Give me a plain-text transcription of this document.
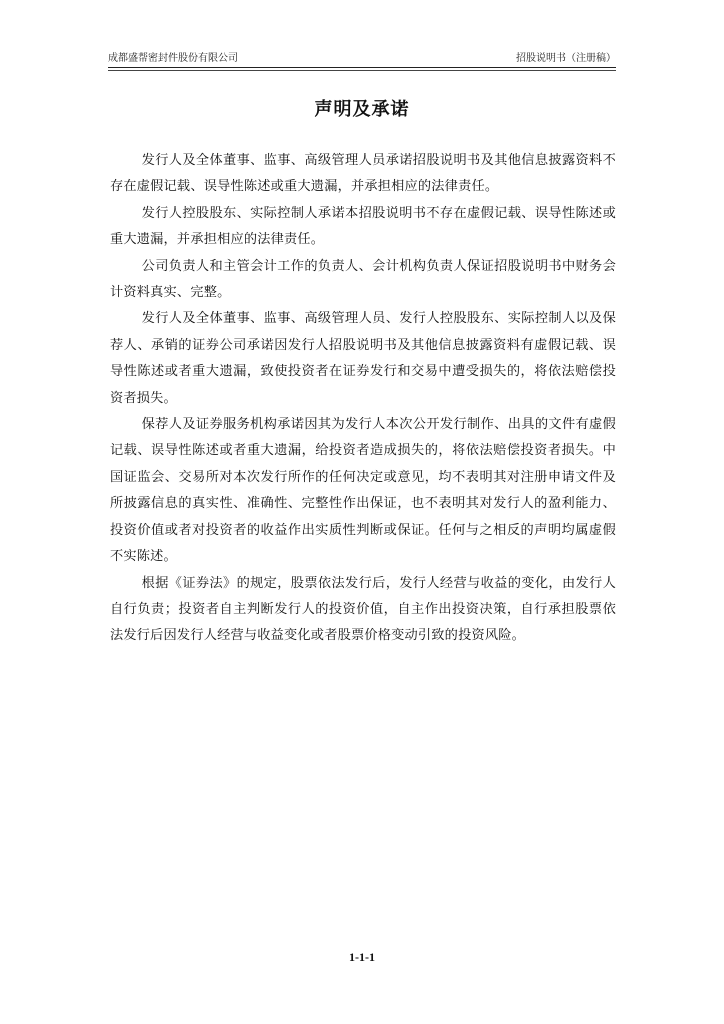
成都盛帮密封件股份有限公司	招股说明书（注册稿）
声明及承诺

发行人及全体董事、监事、高级管理人员承诺招股说明书及其他信息披露资料不存在虚假记载、误导性陈述或重大遗漏，并承担相应的法律责任。

发行人控股股东、实际控制人承诺本招股说明书不存在虚假记载、误导性陈述或重大遗漏，并承担相应的法律责任。

公司负责人和主管会计工作的负责人、会计机构负责人保证招股说明书中财务会计资料真实、完整。

发行人及全体董事、监事、高级管理人员、发行人控股股东、实际控制人以及保荐人、承销的证券公司承诺因发行人招股说明书及其他信息披露资料有虚假记载、误导性陈述或者重大遗漏，致使投资者在证券发行和交易中遭受损失的，将依法赔偿投资者损失。

保荐人及证券服务机构承诺因其为发行人本次公开发行制作、出具的文件有虚假记载、误导性陈述或者重大遗漏，给投资者造成损失的，将依法赔偿投资者损失。中国证监会、交易所对本次发行所作的任何决定或意见，均不表明其对注册申请文件及所披露信息的真实性、准确性、完整性作出保证，也不表明其对发行人的盈利能力、投资价值或者对投资者的收益作出实质性判断或保证。任何与之相反的声明均属虚假不实陈述。

根据《证券法》的规定，股票依法发行后，发行人经营与收益的变化，由发行人自行负责；投资者自主判断发行人的投资价值，自主作出投资决策，自行承担股票依法发行后因发行人经营与收益变化或者股票价格变动引致的投资风险。

1-1-1
